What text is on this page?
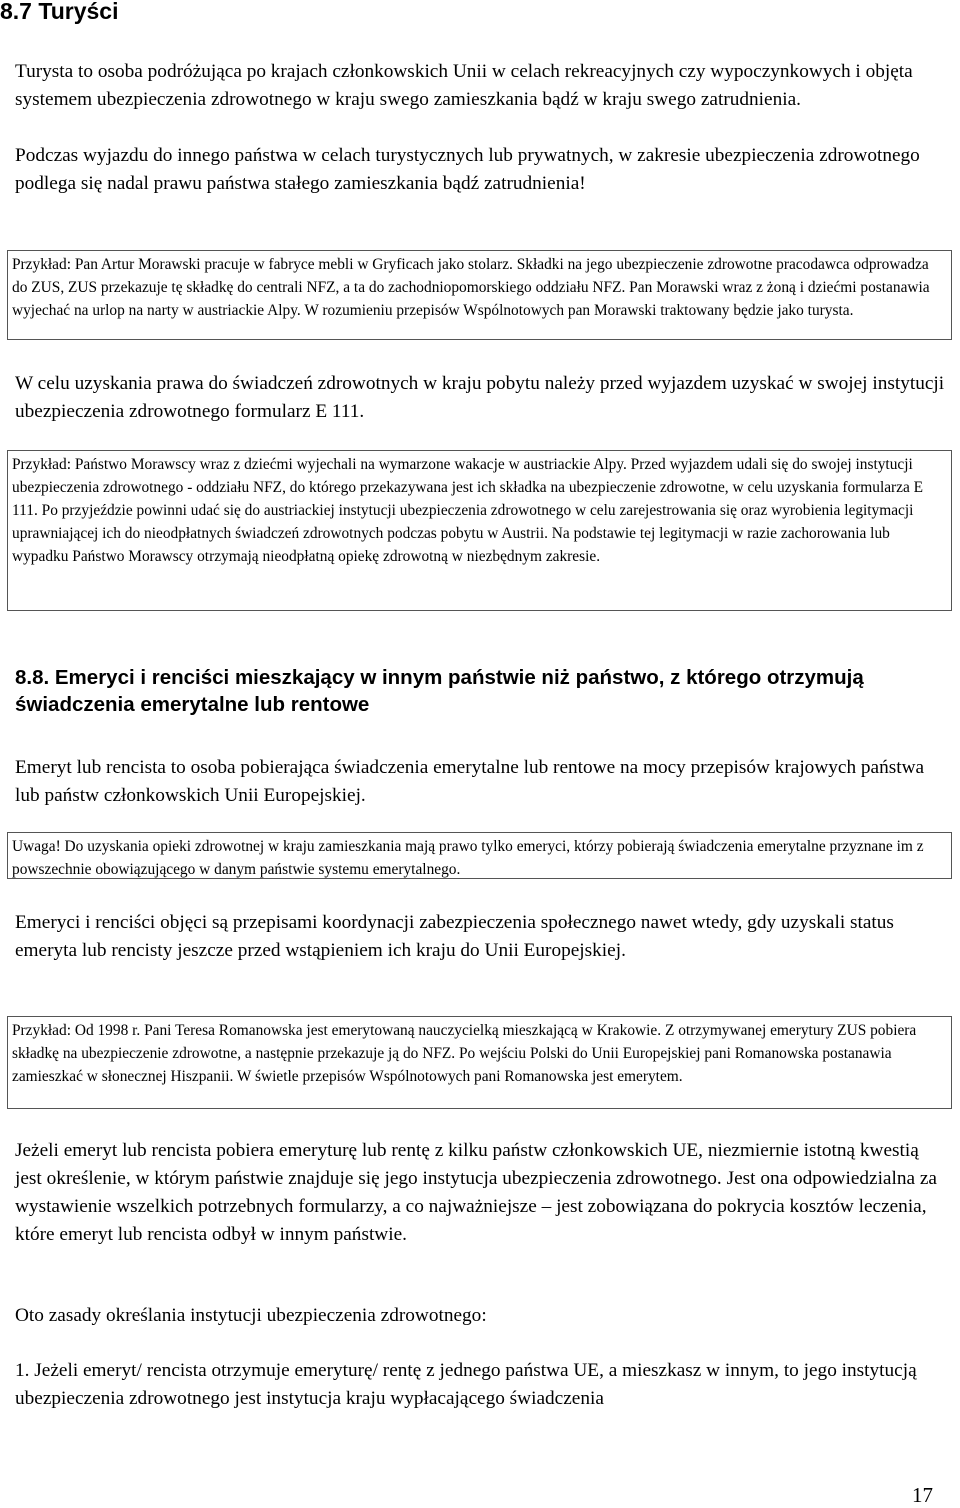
8.7 Turyści

Turysta to osoba podróżująca po krajach członkowskich Unii w celach rekreacyjnych czy wypoczynkowych i objęta systemem ubezpieczenia zdrowotnego w kraju swego zamieszkania bądź w kraju swego zatrudnienia.

Podczas wyjazdu do innego państwa w celach turystycznych lub prywatnych, w zakresie ubezpieczenia zdrowotnego podlega się nadal prawu państwa stałego zamieszkania bądź zatrudnienia!

Przykład: Pan Artur Morawski pracuje w fabryce mebli w Gryficach jako stolarz. Składki na jego ubezpieczenie zdrowotne pracodawca odprowadza do ZUS, ZUS przekazuje tę składkę do centrali NFZ, a ta do zachodniopomorskiego oddziału NFZ. Pan Morawski wraz z żoną i dziećmi postanawia wyjechać na urlop na narty w austriackie Alpy. W rozumieniu przepisów Wspólnotowych pan Morawski traktowany będzie jako turysta.

W celu uzyskania prawa do świadczeń zdrowotnych w kraju pobytu należy przed wyjazdem uzyskać w swojej instytucji ubezpieczenia zdrowotnego formularz E 111.

Przykład: Państwo Morawscy wraz z dziećmi wyjechali na wymarzone wakacje w austriackie Alpy. Przed wyjazdem udali się do swojej instytucji ubezpieczenia zdrowotnego - oddziału NFZ, do którego przekazywana jest ich składka na ubezpieczenie zdrowotne, w celu uzyskania formularza E 111. Po przyjeździe powinni udać się do austriackiej instytucji ubezpieczenia zdrowotnego w celu zarejestrowania się oraz wyrobienia legitymacji uprawniającej ich do nieodpłatnych świadczeń zdrowotnych podczas pobytu w Austrii. Na podstawie tej legitymacji w razie zachorowania lub wypadku Państwo Morawscy otrzymają nieodpłatną opiekę zdrowotną w niezbędnym zakresie.

8.8. Emeryci i renciści mieszkający w innym państwie niż państwo, z którego otrzymują świadczenia emerytalne lub rentowe

Emeryt lub rencista to osoba pobierająca świadczenia emerytalne lub rentowe na mocy przepisów krajowych państwa lub państw członkowskich Unii Europejskiej.

Uwaga! Do uzyskania opieki zdrowotnej w kraju zamieszkania mają prawo tylko emeryci, którzy pobierają świadczenia emerytalne przyznane im z powszechnie obowiązującego w danym państwie systemu emerytalnego.

Emeryci i renciści objęci są przepisami koordynacji zabezpieczenia społecznego nawet wtedy, gdy uzyskali status emeryta lub rencisty jeszcze przed wstąpieniem ich kraju do Unii Europejskiej.

Przykład: Od 1998 r. Pani Teresa Romanowska jest emerytowaną nauczycielką mieszkającą w Krakowie. Z otrzymywanej emerytury ZUS pobiera składkę na ubezpieczenie zdrowotne, a następnie przekazuje ją do NFZ. Po wejściu Polski do Unii Europejskiej pani Romanowska postanawia zamieszkać w słonecznej Hiszpanii. W świetle przepisów Wspólnotowych pani Romanowska jest emerytem.

Jeżeli emeryt lub rencista pobiera emeryturę lub rentę z kilku państw członkowskich UE, niezmiernie istotną kwestią jest określenie, w którym państwie znajduje się jego instytucja ubezpieczenia zdrowotnego. Jest ona odpowiedzialna za wystawienie wszelkich potrzebnych formularzy, a co najważniejsze – jest zobowiązana do pokrycia kosztów leczenia, które emeryt lub rencista odbył w innym państwie.

Oto zasady określania instytucji ubezpieczenia zdrowotnego:

1. Jeżeli emeryt/ rencista otrzymuje emeryturę/ rentę z jednego państwa UE, a mieszkasz w innym, to jego instytucją ubezpieczenia zdrowotnego jest instytucja kraju wypłacającego świadczenia

17
